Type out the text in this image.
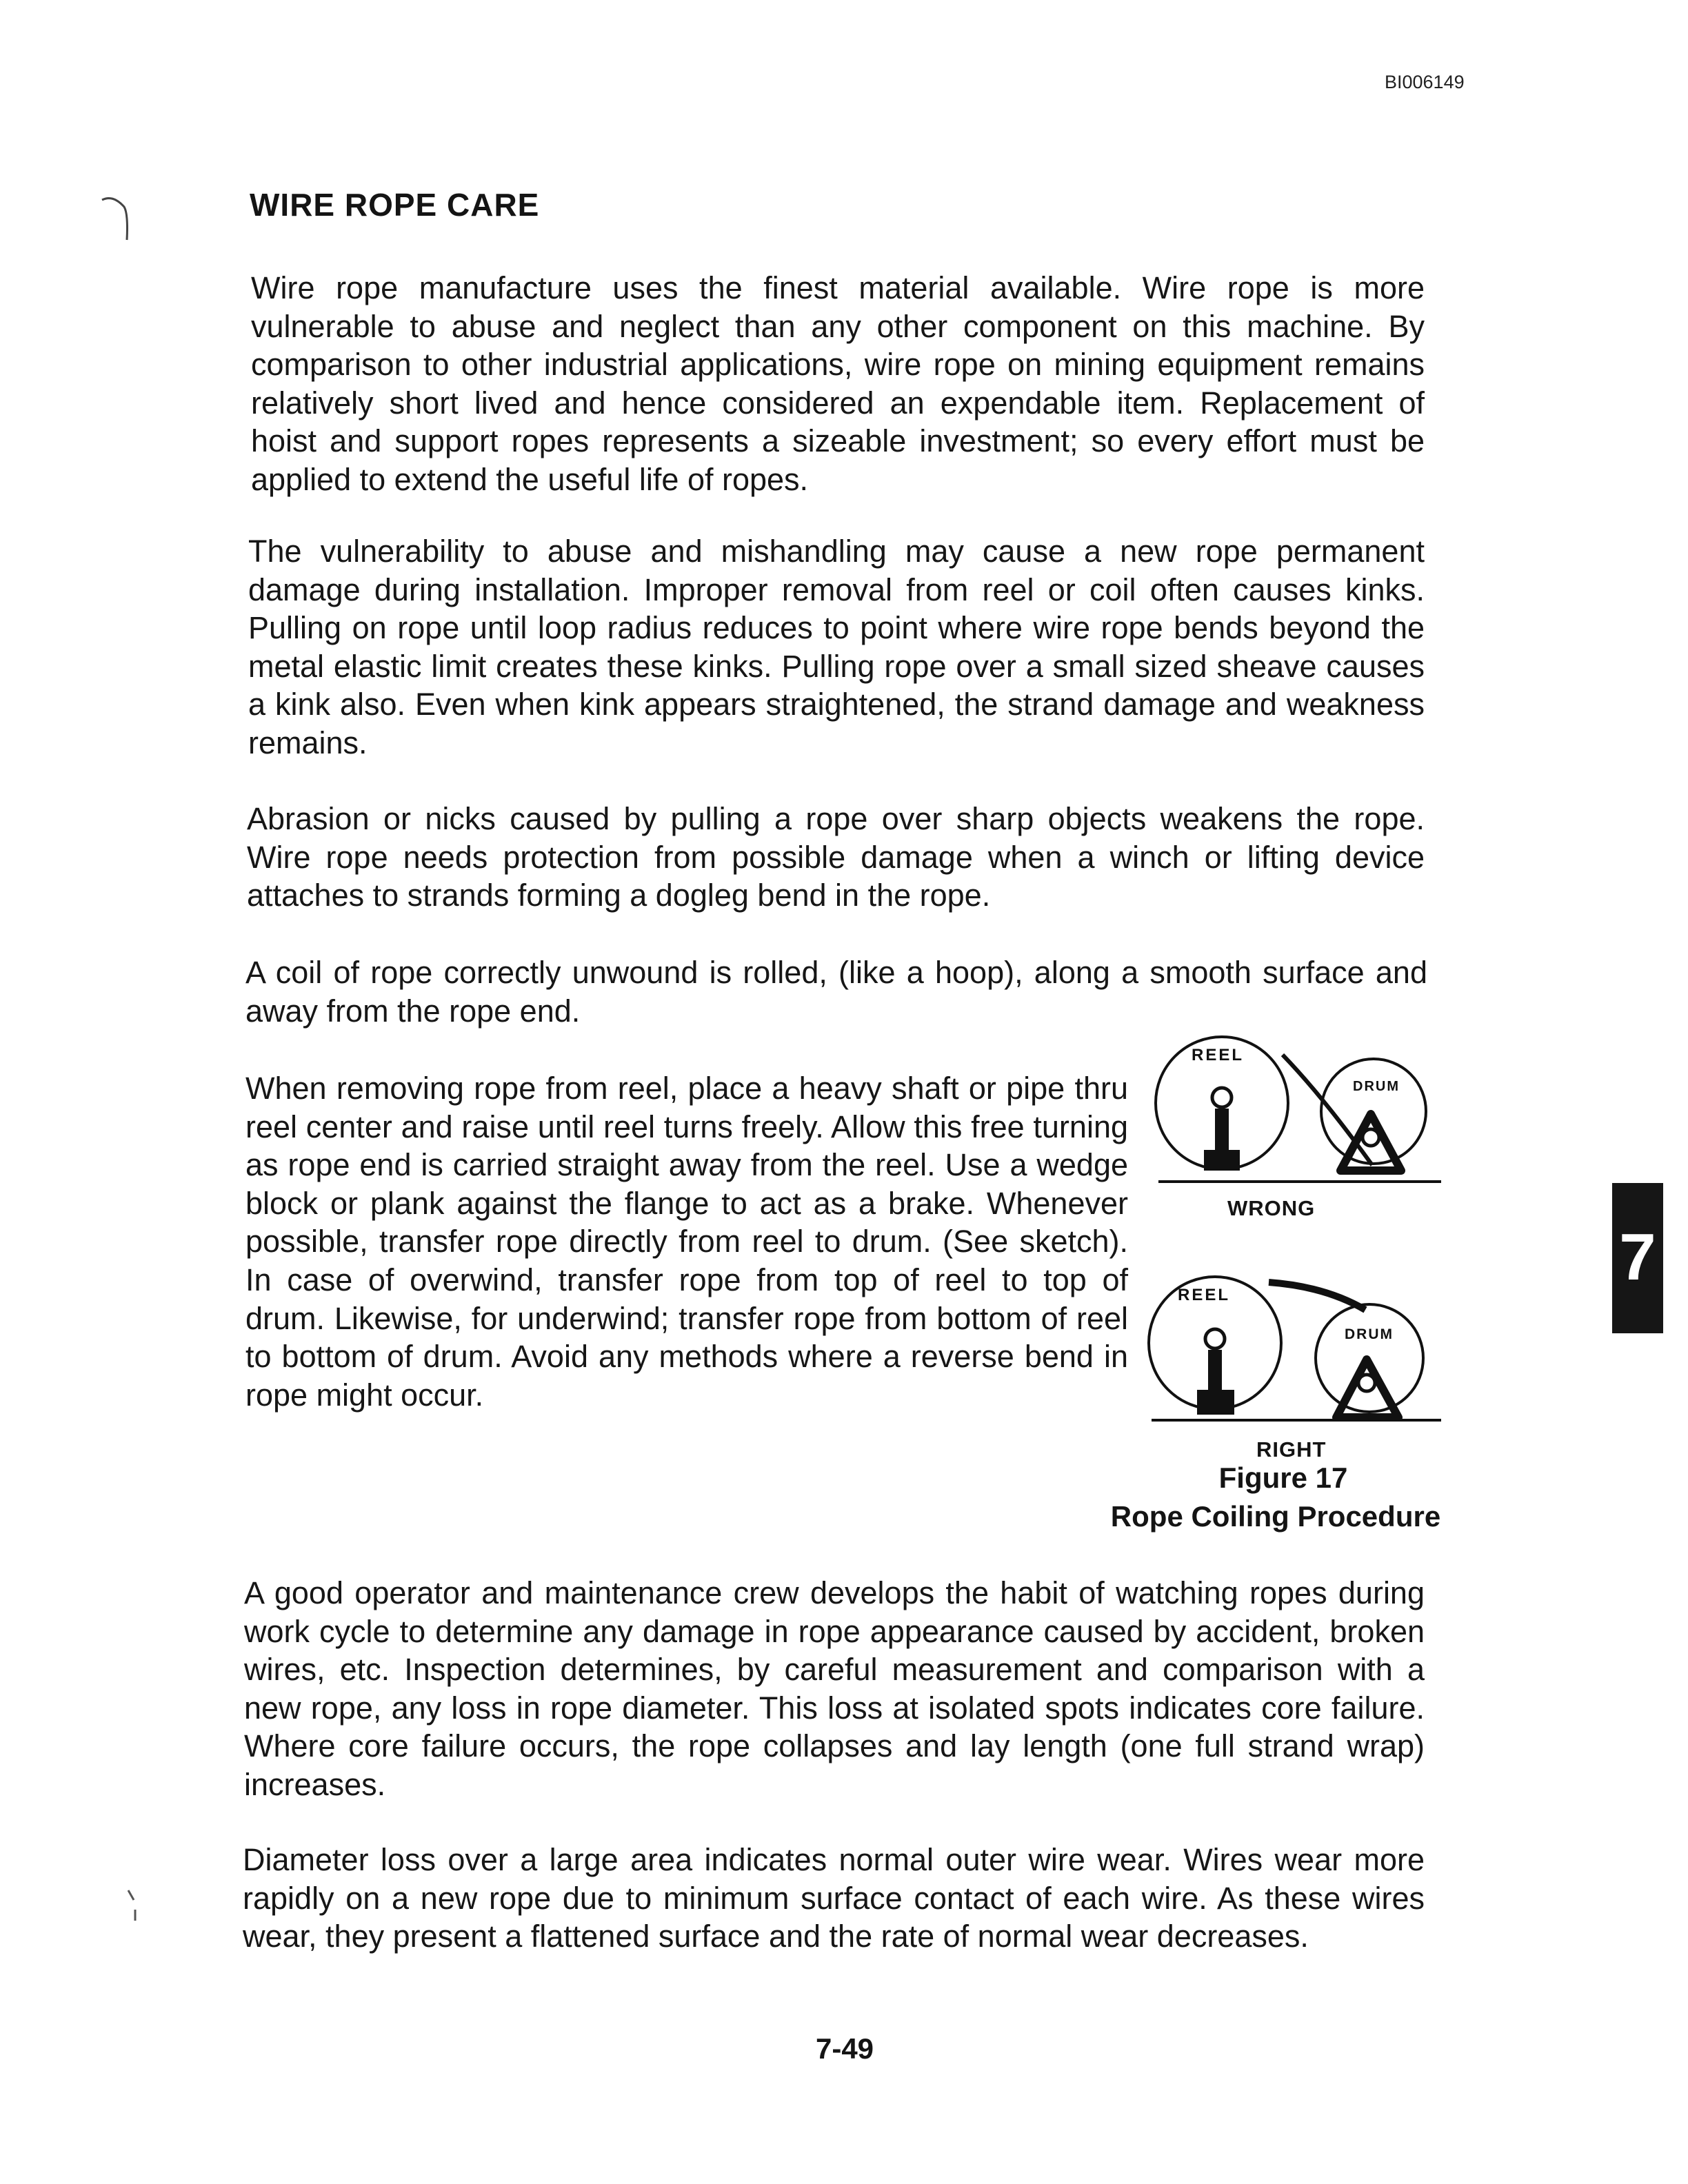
BI006149
WIRE ROPE CARE

Wire rope manufacture uses the finest material available. Wire rope is more vulnerable to abuse and neglect than any other component on this machine. By comparison to other industrial applications, wire rope on mining equipment remains relatively short lived and hence considered an expendable item. Replacement of hoist and support ropes represents a sizeable investment; so every effort must be applied to extend the useful life of ropes.

The vulnerability to abuse and mishandling may cause a new rope permanent damage during installation. Improper removal from reel or coil often causes kinks. Pulling on rope until loop radius reduces to point where wire rope bends beyond the metal elastic limit creates these kinks. Pulling rope over a small sized sheave causes a kink also. Even when kink appears straightened, the strand damage and weakness remains.

Abrasion or nicks caused by pulling a rope over sharp objects weakens the rope. Wire rope needs protection from possible damage when a winch or lifting device attaches to strands forming a dogleg bend in the rope.

A coil of rope correctly unwound is rolled, (like a hoop), along a smooth surface and away from the rope end.

When removing rope from reel, place a heavy shaft or pipe thru reel center and raise until reel turns freely. Allow this free turning as rope end is carried straight away from the reel. Use a wedge block or plank against the flange to act as a brake. Whenever possible, transfer rope directly from reel to drum. (See sketch). In case of overwind, transfer rope from top of reel to top of drum. Likewise, for underwind; transfer rope from bottom of reel to bottom of drum. Avoid any methods where a reverse bend in rope might occur.

REEL
DRUM
WRONG
REEL
DRUM
RIGHT
Figure 17
Rope Coiling Procedure
7

A good operator and maintenance crew develops the habit of watching ropes during work cycle to determine any damage in rope appearance caused by accident, broken wires, etc. Inspection determines, by careful measurement and comparison with a new rope, any loss in rope diameter. This loss at isolated spots indicates core failure. Where core failure occurs, the rope collapses and lay length (one full strand wrap) increases.

Diameter loss over a large area indicates normal outer wire wear. Wires wear more rapidly on a new rope due to minimum surface contact of each wire. As these wires wear, they present a flattened surface and the rate of normal wear decreases.

7-49
